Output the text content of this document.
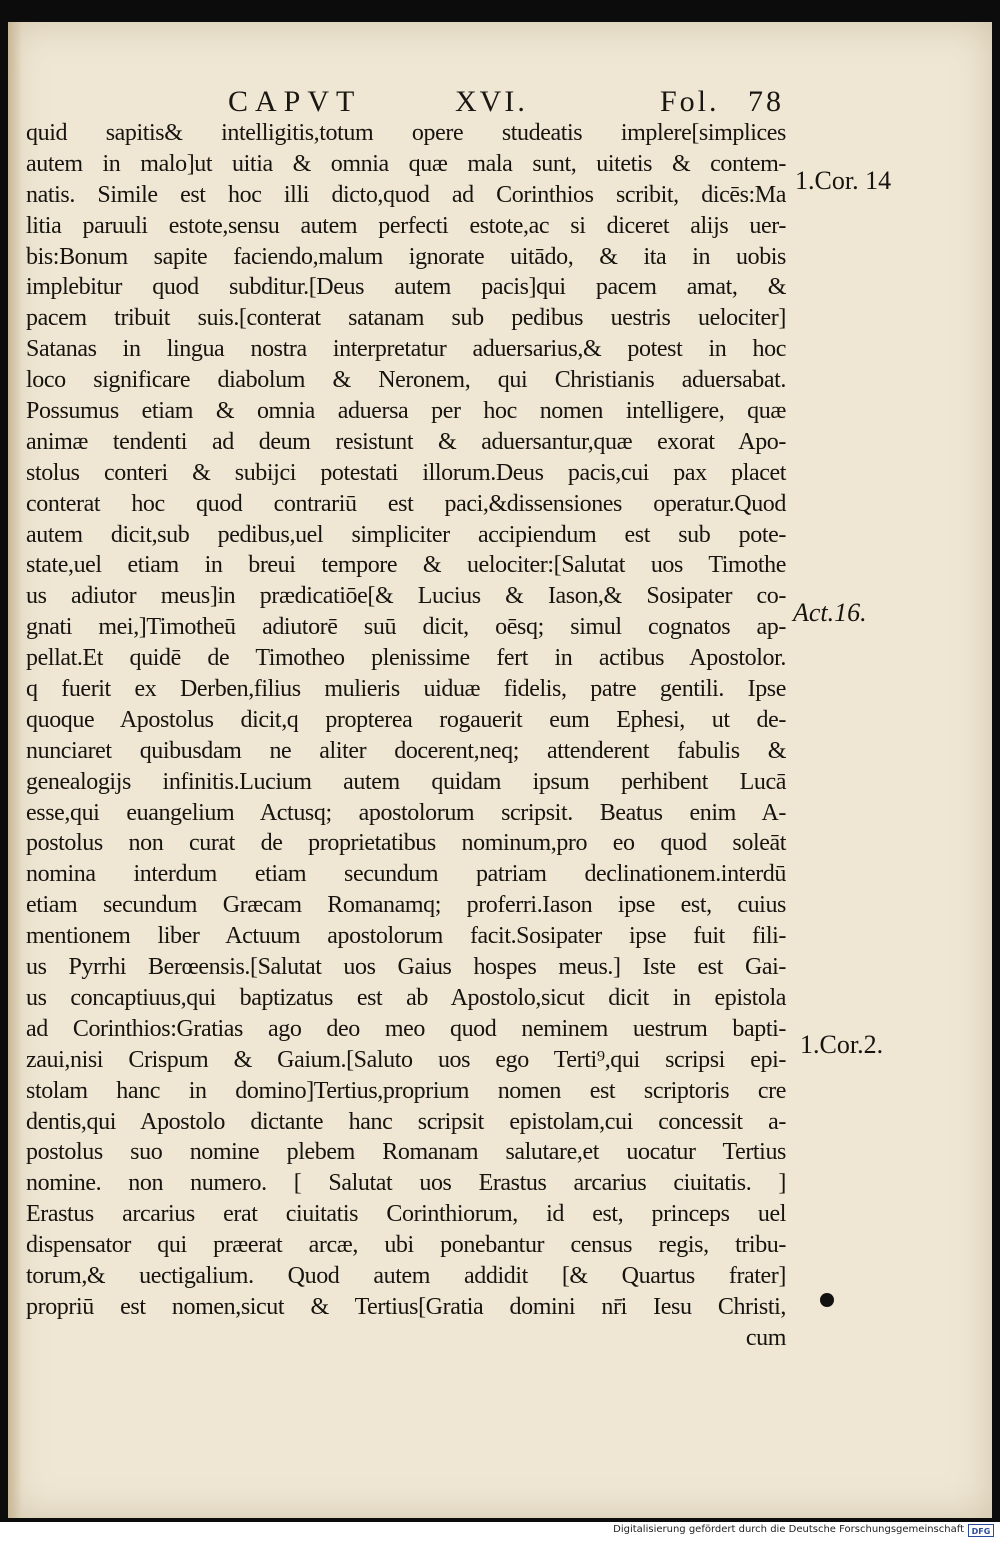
CAPVT	XVI.	Fol. 78
quid sapitis& intelligitis,totum opere studeatis implere[simplices
autem in malo]ut uitia & omnia quæ mala sunt, uitetis & contem-
natis. Simile est hoc illi dicto,quod ad Corinthios scribit, dicēs:Ma
litia paruuli estote,sensu autem perfecti estote,ac si diceret alijs uer-
bis:Bonum sapite faciendo,malum ignorate uitādo, & ita in uobis
implebitur quod subditur.[Deus autem pacis]qui pacem amat, &
pacem tribuit suis.[conterat satanam sub pedibus uestris uelociter]
Satanas in lingua nostra interpretatur aduersarius,& potest in hoc
loco significare diabolum & Neronem, qui Christianis aduersabat.
Possumus etiam & omnia aduersa per hoc nomen intelligere, quæ
animæ tendenti ad deum resistunt & aduersantur,quæ exorat Apo-
stolus conteri & subijci potestati illorum.Deus pacis,cui pax placet
conterat hoc quod contrariū est paci,&dissensiones operatur.Quod
autem dicit,sub pedibus,uel simpliciter accipiendum est sub pote-
state,uel etiam in breui tempore & uelociter:[Salutat uos Timothe
us adiutor meus]in prædicatiōe[& Lucius & Iason,& Sosipater co-
gnati mei,]Timotheū adiutorē suū dicit, oēsq; simul cognatos ap-
pellat.Et quidē de Timotheo plenissime fert in actibus Apostolor.
q fuerit ex Derben,filius mulieris uiduæ fidelis, patre gentili. Ipse
quoque Apostolus dicit,q propterea rogauerit eum Ephesi, ut de-
nunciaret quibusdam ne aliter docerent,neq; attenderent fabulis &
genealogijs infinitis.Lucium autem quidam ipsum perhibent Lucā
esse,qui euangelium Actusq; apostolorum scripsit. Beatus enim A-
postolus non curat de proprietatibus nominum,pro eo quod soleāt
nomina interdum etiam secundum patriam declinationem.interdū
etiam secundum Græcam Romanamq; proferri.Iason ipse est, cuius
mentionem liber Actuum apostolorum facit.Sosipater ipse fuit fili-
us Pyrrhi Berœensis.[Salutat uos Gaius hospes meus.] Iste est Gai-
us concaptiuus,qui baptizatus est ab Apostolo,sicut dicit in epistola
ad Corinthios:Gratias ago deo meo quod neminem uestrum bapti-
zaui,nisi Crispum & Gaium.[Saluto uos ego Terti⁹,qui scripsi epi-
stolam hanc in domino]Tertius,proprium nomen est scriptoris cre
dentis,qui Apostolo dictante hanc scripsit epistolam,cui concessit a-
postolus suo nomine plebem Romanam salutare,et uocatur Tertius
nomine. non numero. [ Salutat uos Erastus arcarius ciuitatis. ]
Erastus arcarius erat ciuitatis Corinthiorum, id est, princeps uel
dispensator qui præerat arcæ, ubi ponebantur census regis, tribu-
torum,& uectigalium. Quod autem addidit [& Quartus frater]
propriū est nomen,sicut & Tertius[Gratia domini nr̄i Iesu Christi,
cum
1.Cor. 14
Act.16.
1.Cor.2.
Digitalisierung gefördert durch die Deutsche Forschungsgemeinschaft DFG
